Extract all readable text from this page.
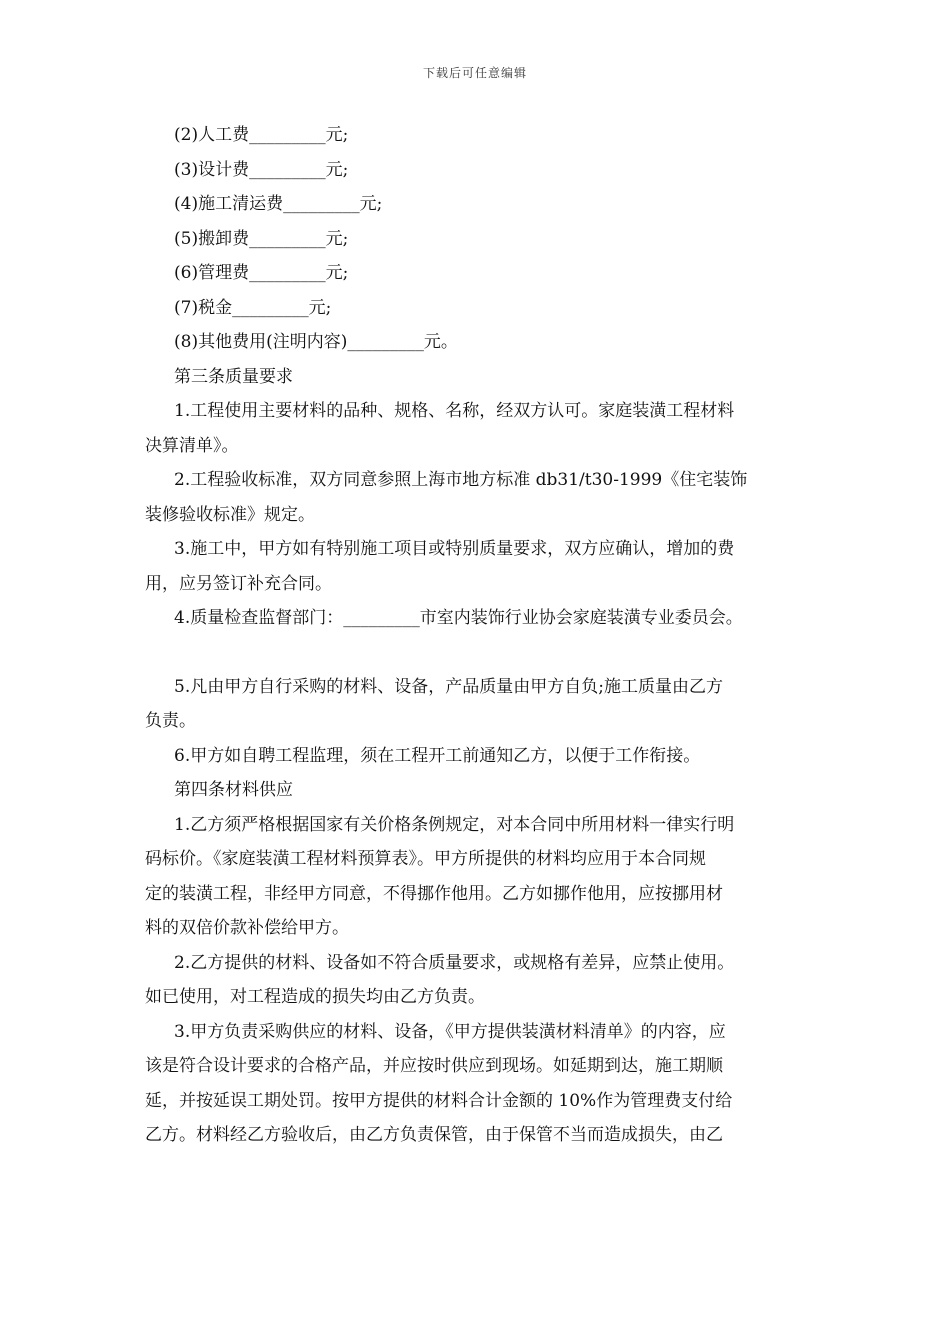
下载后可任意编辑
(2)人工费_________元;
(3)设计费_________元;
(4)施工清运费_________元;
(5)搬卸费_________元;
(6)管理费_________元;
(7)税金_________元;
(8)其他费用(注明内容)_________元。
第三条质量要求
1.工程使用主要材料的品种、规格、名称，经双方认可。家庭装潢工程材料
决算清单》。
2.工程验收标准，双方同意参照上海市地方标准 db31/t30-1999《住宅装饰
装修验收标准》规定。
3.施工中，甲方如有特别施工项目或特别质量要求，双方应确认，增加的费
用，应另签订补充合同。
4.质量检查监督部门：_________市室内装饰行业协会家庭装潢专业委员会。
5.凡由甲方自行采购的材料、设备，产品质量由甲方自负;施工质量由乙方
负责。
6.甲方如自聘工程监理，须在工程开工前通知乙方，以便于工作衔接。
第四条材料供应
1.乙方须严格根据国家有关价格条例规定，对本合同中所用材料一律实行明
码标价。《家庭装潢工程材料预算表》。甲方所提供的材料均应用于本合同规
定的装潢工程，非经甲方同意，不得挪作他用。乙方如挪作他用，应按挪用材
料的双倍价款补偿给甲方。
2.乙方提供的材料、设备如不符合质量要求，或规格有差异，应禁止使用。
如已使用，对工程造成的损失均由乙方负责。
3.甲方负责采购供应的材料、设备，《甲方提供装潢材料清单》的内容，应
该是符合设计要求的合格产品，并应按时供应到现场。如延期到达，施工期顺
延，并按延误工期处罚。按甲方提供的材料合计金额的 10%作为管理费支付给
乙方。材料经乙方验收后，由乙方负责保管，由于保管不当而造成损失，由乙
